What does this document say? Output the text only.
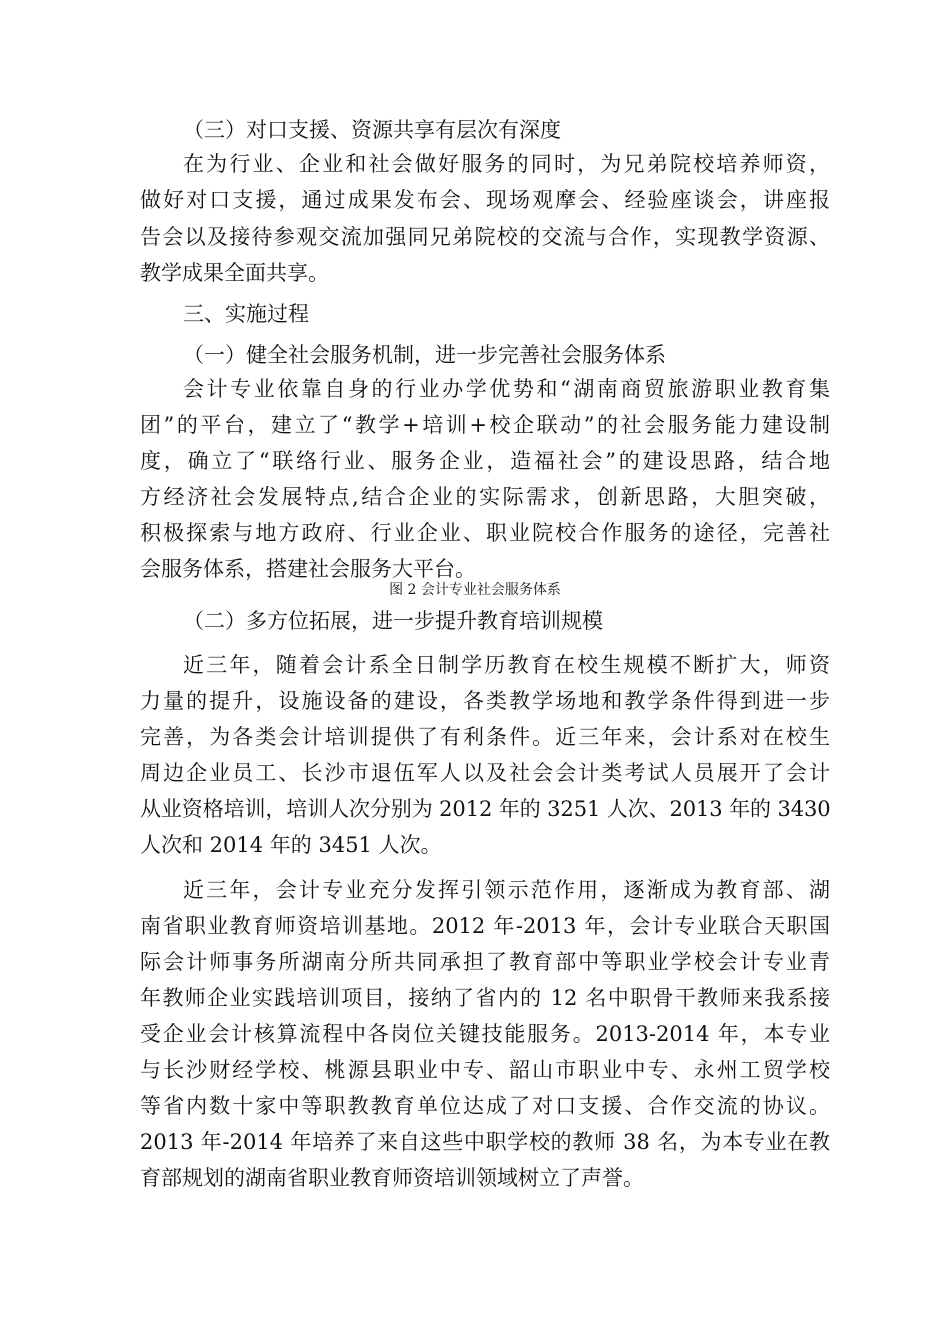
（三）对口支援、资源共享有层次有深度
在为行业、企业和社会做好服务的同时，为兄弟院校培养师资，
做好对口支援，通过成果发布会、现场观摩会、经验座谈会，讲座报
告会以及接待参观交流加强同兄弟院校的交流与合作，实现教学资源、
教学成果全面共享。
三、实施过程
（一）健全社会服务机制，进一步完善社会服务体系
会计专业依靠自身的行业办学优势和“湖南商贸旅游职业教育集
团”的平台，建立了“教学+培训+校企联动”的社会服务能力建设制
度，确立了“联络行业、服务企业，造福社会”的建设思路，结合地
方经济社会发展特点,结合企业的实际需求，创新思路，大胆突破，
积极探索与地方政府、行业企业、职业院校合作服务的途径，完善社
会服务体系，搭建社会服务大平台。
图 2 会计专业社会服务体系
（二）多方位拓展，进一步提升教育培训规模
近三年，随着会计系全日制学历教育在校生规模不断扩大，师资
力量的提升，设施设备的建设，各类教学场地和教学条件得到进一步
完善，为各类会计培训提供了有利条件。近三年来，会计系对在校生
周边企业员工、长沙市退伍军人以及社会会计类考试人员展开了会计
从业资格培训，培训人次分别为 2012 年的 3251 人次、2013 年的 3430
人次和 2014 年的 3451 人次。
近三年，会计专业充分发挥引领示范作用，逐渐成为教育部、湖
南省职业教育师资培训基地。2012 年-2013 年，会计专业联合天职国
际会计师事务所湖南分所共同承担了教育部中等职业学校会计专业青
年教师企业实践培训项目，接纳了省内的 12 名中职骨干教师来我系接
受企业会计核算流程中各岗位关键技能服务。2013-2014 年，本专业
与长沙财经学校、桃源县职业中专、韶山市职业中专、永州工贸学校
等省内数十家中等职教教育单位达成了对口支援、合作交流的协议。
2013 年-2014 年培养了来自这些中职学校的教师 38 名，为本专业在教
育部规划的湖南省职业教育师资培训领域树立了声誉。
